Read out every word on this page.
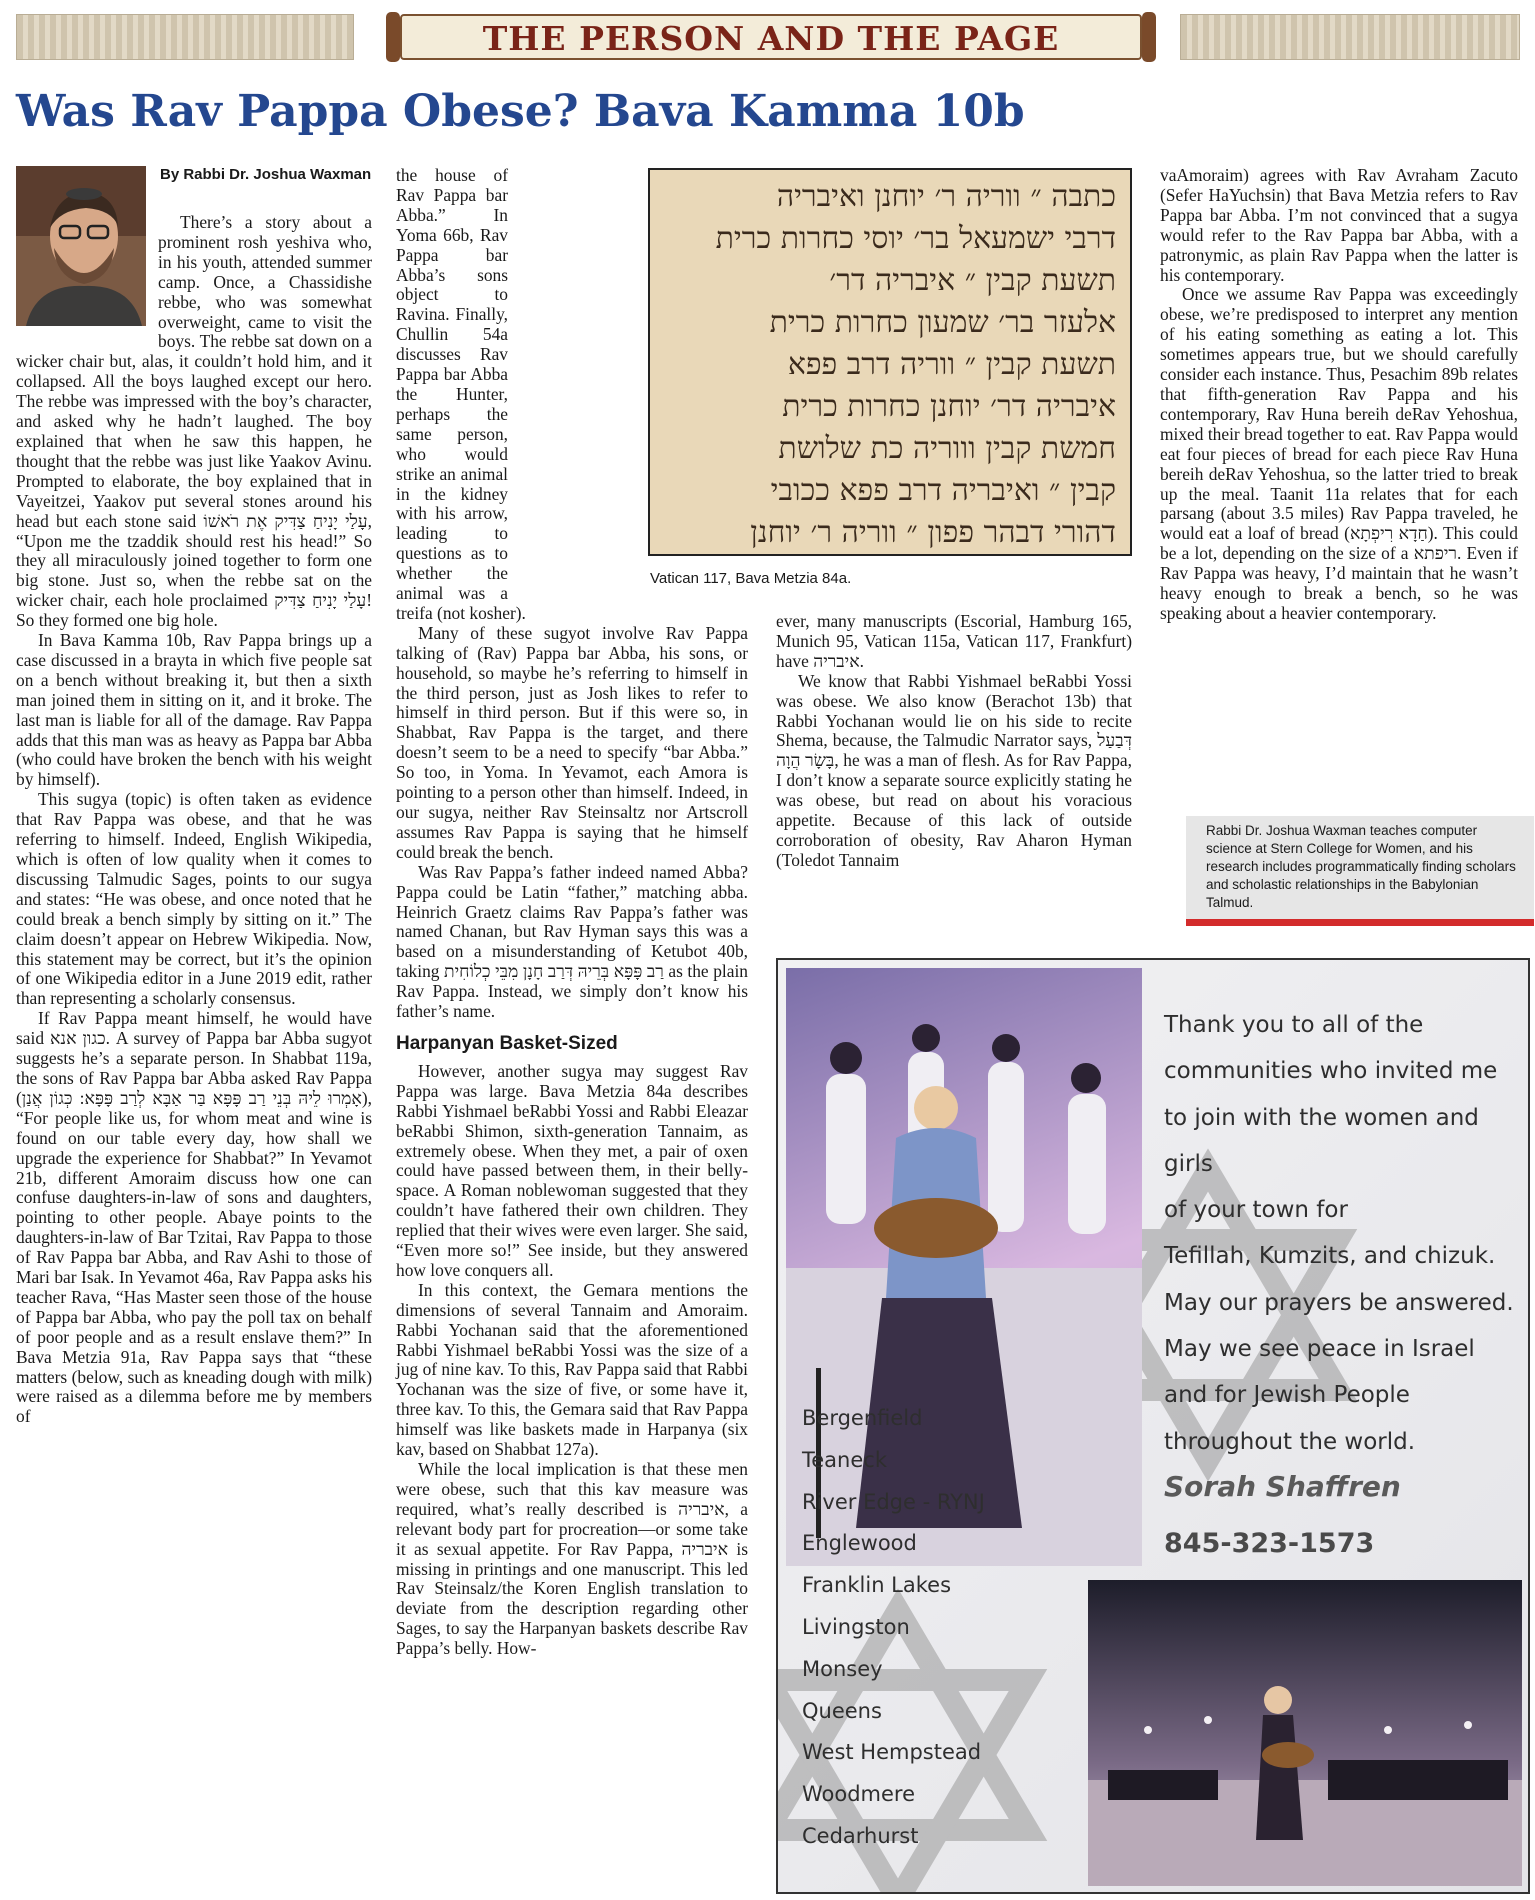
THE PERSON AND THE PAGE
Was Rav Pappa Obese? Bava Kamma 10b
By Rabbi Dr. Joshua Waxman

There’s a story about a prominent rosh yeshiva who, in his youth, attended summer camp. Once, a Chassidishe rebbe, who was somewhat overweight, came to visit the boys. The rebbe sat down on a wicker chair but, alas, it couldn’t hold him, and it collapsed. All the boys laughed except our hero. The rebbe was impressed with the boy’s character, and asked why he hadn’t laughed. The boy explained that when he saw this happen, he thought that the rebbe was just like Yaakov Avinu. Prompted to elaborate, the boy explained that in Vayeitzei, Yaakov put several stones around his head but each stone said עָלַי יָנִיחַ צַדִּיק אֶת רֹאשׁוֹ, “Upon me the tzaddik should rest his head!” So they all miraculously joined together to form one big stone. Just so, when the rebbe sat on the wicker chair, each hole proclaimed עָלַי יָנִיחַ צַדִּיק! So they formed one big hole.

In Bava Kamma 10b, Rav Pappa brings up a case discussed in a brayta in which five people sat on a bench without breaking it, but then a sixth man joined them in sitting on it, and it broke. The last man is liable for all of the damage. Rav Pappa adds that this man was as heavy as Pappa bar Abba (who could have broken the bench with his weight by himself).

This sugya (topic) is often taken as evidence that Rav Pappa was obese, and that he was referring to himself. Indeed, English Wikipedia, which is often of low quality when it comes to discussing Talmudic Sages, points to our sugya and states: “He was obese, and once noted that he could break a bench simply by sitting on it.” The claim doesn’t appear on Hebrew Wikipedia. Now, this statement may be correct, but it’s the opinion of one Wikipedia editor in a June 2019 edit, rather than representing a scholarly consensus.

If Rav Pappa meant himself, he would have said כגון אנא. A survey of Pappa bar Abba sugyot suggests he’s a separate person. In Shabbat 119a, the sons of Rav Pappa bar Abba asked Rav Pappa (אָמְרוּ לֵיהּ בְּנֵי רַב פָּפָּא בַּר אַבָּא לְרַב פָּפָּא: כְּגוֹן אֲנַן), “For people like us, for whom meat and wine is found on our table every day, how shall we upgrade the experience for Shabbat?” In Yevamot 21b, different Amoraim discuss how one can confuse daughters-in-law of sons and daughters, pointing to other people. Abaye points to the daughters-in-law of Bar Tzitai, Rav Pappa to those of Rav Pappa bar Abba, and Rav Ashi to those of Mari bar Isak. In Yevamot 46a, Rav Pappa asks his teacher Rava, “Has Master seen those of the house of Pappa bar Abba, who pay the poll tax on behalf of poor people and as a result enslave them?” In Bava Metzia 91a, Rav Pappa says that “these matters (below, such as kneading dough with milk) were raised as a dilemma before me by members of

the house of Rav Pappa bar Abba.” In Yoma 66b, Rav Pappa bar Abba’s sons object to Ravina. Finally, Chullin 54a discusses Rav Pappa bar Abba the Hunter, perhaps the same person, who would strike an animal in the kidney with his arrow, leading to questions as to whether the animal was a treifa (not kosher).

Many of these sugyot involve Rav Pappa talking of (Rav) Pappa bar Abba, his sons, or household, so maybe he’s referring to himself in the third person, just as Josh likes to refer to himself in third person. But if this were so, in Shabbat, Rav Pappa is the target, and there doesn’t seem to be a need to specify “bar Abba.” So too, in Yoma. In Yevamot, each Amora is pointing to a person other than himself. Indeed, in our sugya, neither Rav Steinsaltz nor Artscroll assumes Rav Pappa is saying that he himself could break the bench.

Was Rav Pappa’s father indeed named Abba? Pappa could be Latin “father,” matching abba. Heinrich Graetz claims Rav Pappa’s father was named Chanan, but Rav Hyman says this was a based on a misunderstanding of Ketubot 40b, taking רַב פָּפָּא בְּרֵיהּ דְּרַב חָנָן מִבֵּי כְלוֹחִית as the plain Rav Pappa. Instead, we simply don’t know his father’s name.

Harpanyan Basket-Sized

However, another sugya may suggest Rav Pappa was large. Bava Metzia 84a describes Rabbi Yishmael beRabbi Yossi and Rabbi Eleazar beRabbi Shimon, sixth-generation Tannaim, as extremely obese. When they met, a pair of oxen could have passed between them, in their belly-space. A Roman noblewoman suggested that they couldn’t have fathered their own children. They replied that their wives were even larger. She said, “Even more so!” See inside, but they answered how love conquers all.

In this context, the Gemara mentions the dimensions of several Tannaim and Amoraim. Rabbi Yochanan said that the aforementioned Rabbi Yishmael beRabbi Yossi was the size of a jug of nine kav. To this, Rav Pappa said that Rabbi Yochanan was the size of five, or some have it, three kav. To this, the Gemara said that Rav Pappa himself was like baskets made in Harpanya (six kav, based on Shabbat 127a).

While the local implication is that these men were obese, such that this kav measure was required, what’s really described is איבריה, a relevant body part for procreation—or some take it as sexual appetite. For Rav Pappa, איבריה is missing in printings and one manuscript. This led Rav Steinsalz/the Koren English translation to deviate from the description regarding other Sages, to say the Harpanyan baskets describe Rav Pappa’s belly. How-

כתבה ״ ווריה ר׳ יוחנן ואיבריה
דרבי ישמעאל בר׳ יוסי כחרות כרית
תשעת קבין ״ איבריה דר׳
אלעזר בר׳ שמעון כחרות כרית
תשעת קבין ״ ווריה דרב פפא
איבריה דר׳ יוחנן כחרות כרית
חמשת קבין וווריה כת שלושת
קבין ״ ואיבריה דרב פפא ככובי
דהורי דבהר פפון ״ ווריה ר׳ יוחנן
Vatican 117, Bava Metzia 84a.

ever, many manuscripts (Escorial, Hamburg 165, Munich 95, Vatican 115a, Vatican 117, Frankfurt) have איבריה.

We know that Rabbi Yishmael beRabbi Yossi was obese. We also know (Berachot 13b) that Rabbi Yochanan would lie on his side to recite Shema, because, the Talmudic Narrator says, דְּבַעַל בָּשָׂר הֲוָה, he was a man of flesh. As for Rav Pappa, I don’t know a separate source explicitly stating he was obese, but read on about his voracious appetite. Because of this lack of outside corroboration of obesity, Rav Aharon Hyman (Toledot Tannaim

vaAmoraim) agrees with Rav Avraham Zacuto (Sefer HaYuchsin) that Bava Metzia refers to Rav Pappa bar Abba. I’m not convinced that a sugya would refer to the Rav Pappa bar Abba, with a patronymic, as plain Rav Pappa when the latter is his contemporary.

Once we assume Rav Pappa was exceedingly obese, we’re predisposed to interpret any mention of his eating something as eating a lot. This sometimes appears true, but we should carefully consider each instance. Thus, Pesachim 89b relates that fifth-generation Rav Pappa and his contemporary, Rav Huna bereih deRav Yehoshua, mixed their bread together to eat. Rav Pappa would eat four pieces of bread for each piece Rav Huna bereih deRav Yehoshua, so the latter tried to break up the meal. Taanit 11a relates that for each parsang (about 3.5 miles) Rav Pappa traveled, he would eat a loaf of bread (חַדָא רִיפְתָא). This could be a lot, depending on the size of a ריפתא. Even if Rav Pappa was heavy, I’d maintain that he wasn’t heavy enough to break a bench, so he was speaking about a heavier contemporary.

Rabbi Dr. Joshua Waxman teaches computer science at Stern College for Women, and his research includes programmatically finding scholars and scholastic relationships in the Babylonian Talmud.
Thank you to all of the
communities who invited me
to join with the women and girls
of your town for
Tefillah, Kumzits, and chizuk.
May our prayers be answered.
May we see peace in Israel
and for Jewish People
throughout the world.
Sorah Shaffren
845-323-1573
Bergenfield
Teaneck
River Edge - RYNJ
Englewood
Franklin Lakes
Livingston
Monsey
Queens
West Hempstead
Woodmere
Cedarhurst
